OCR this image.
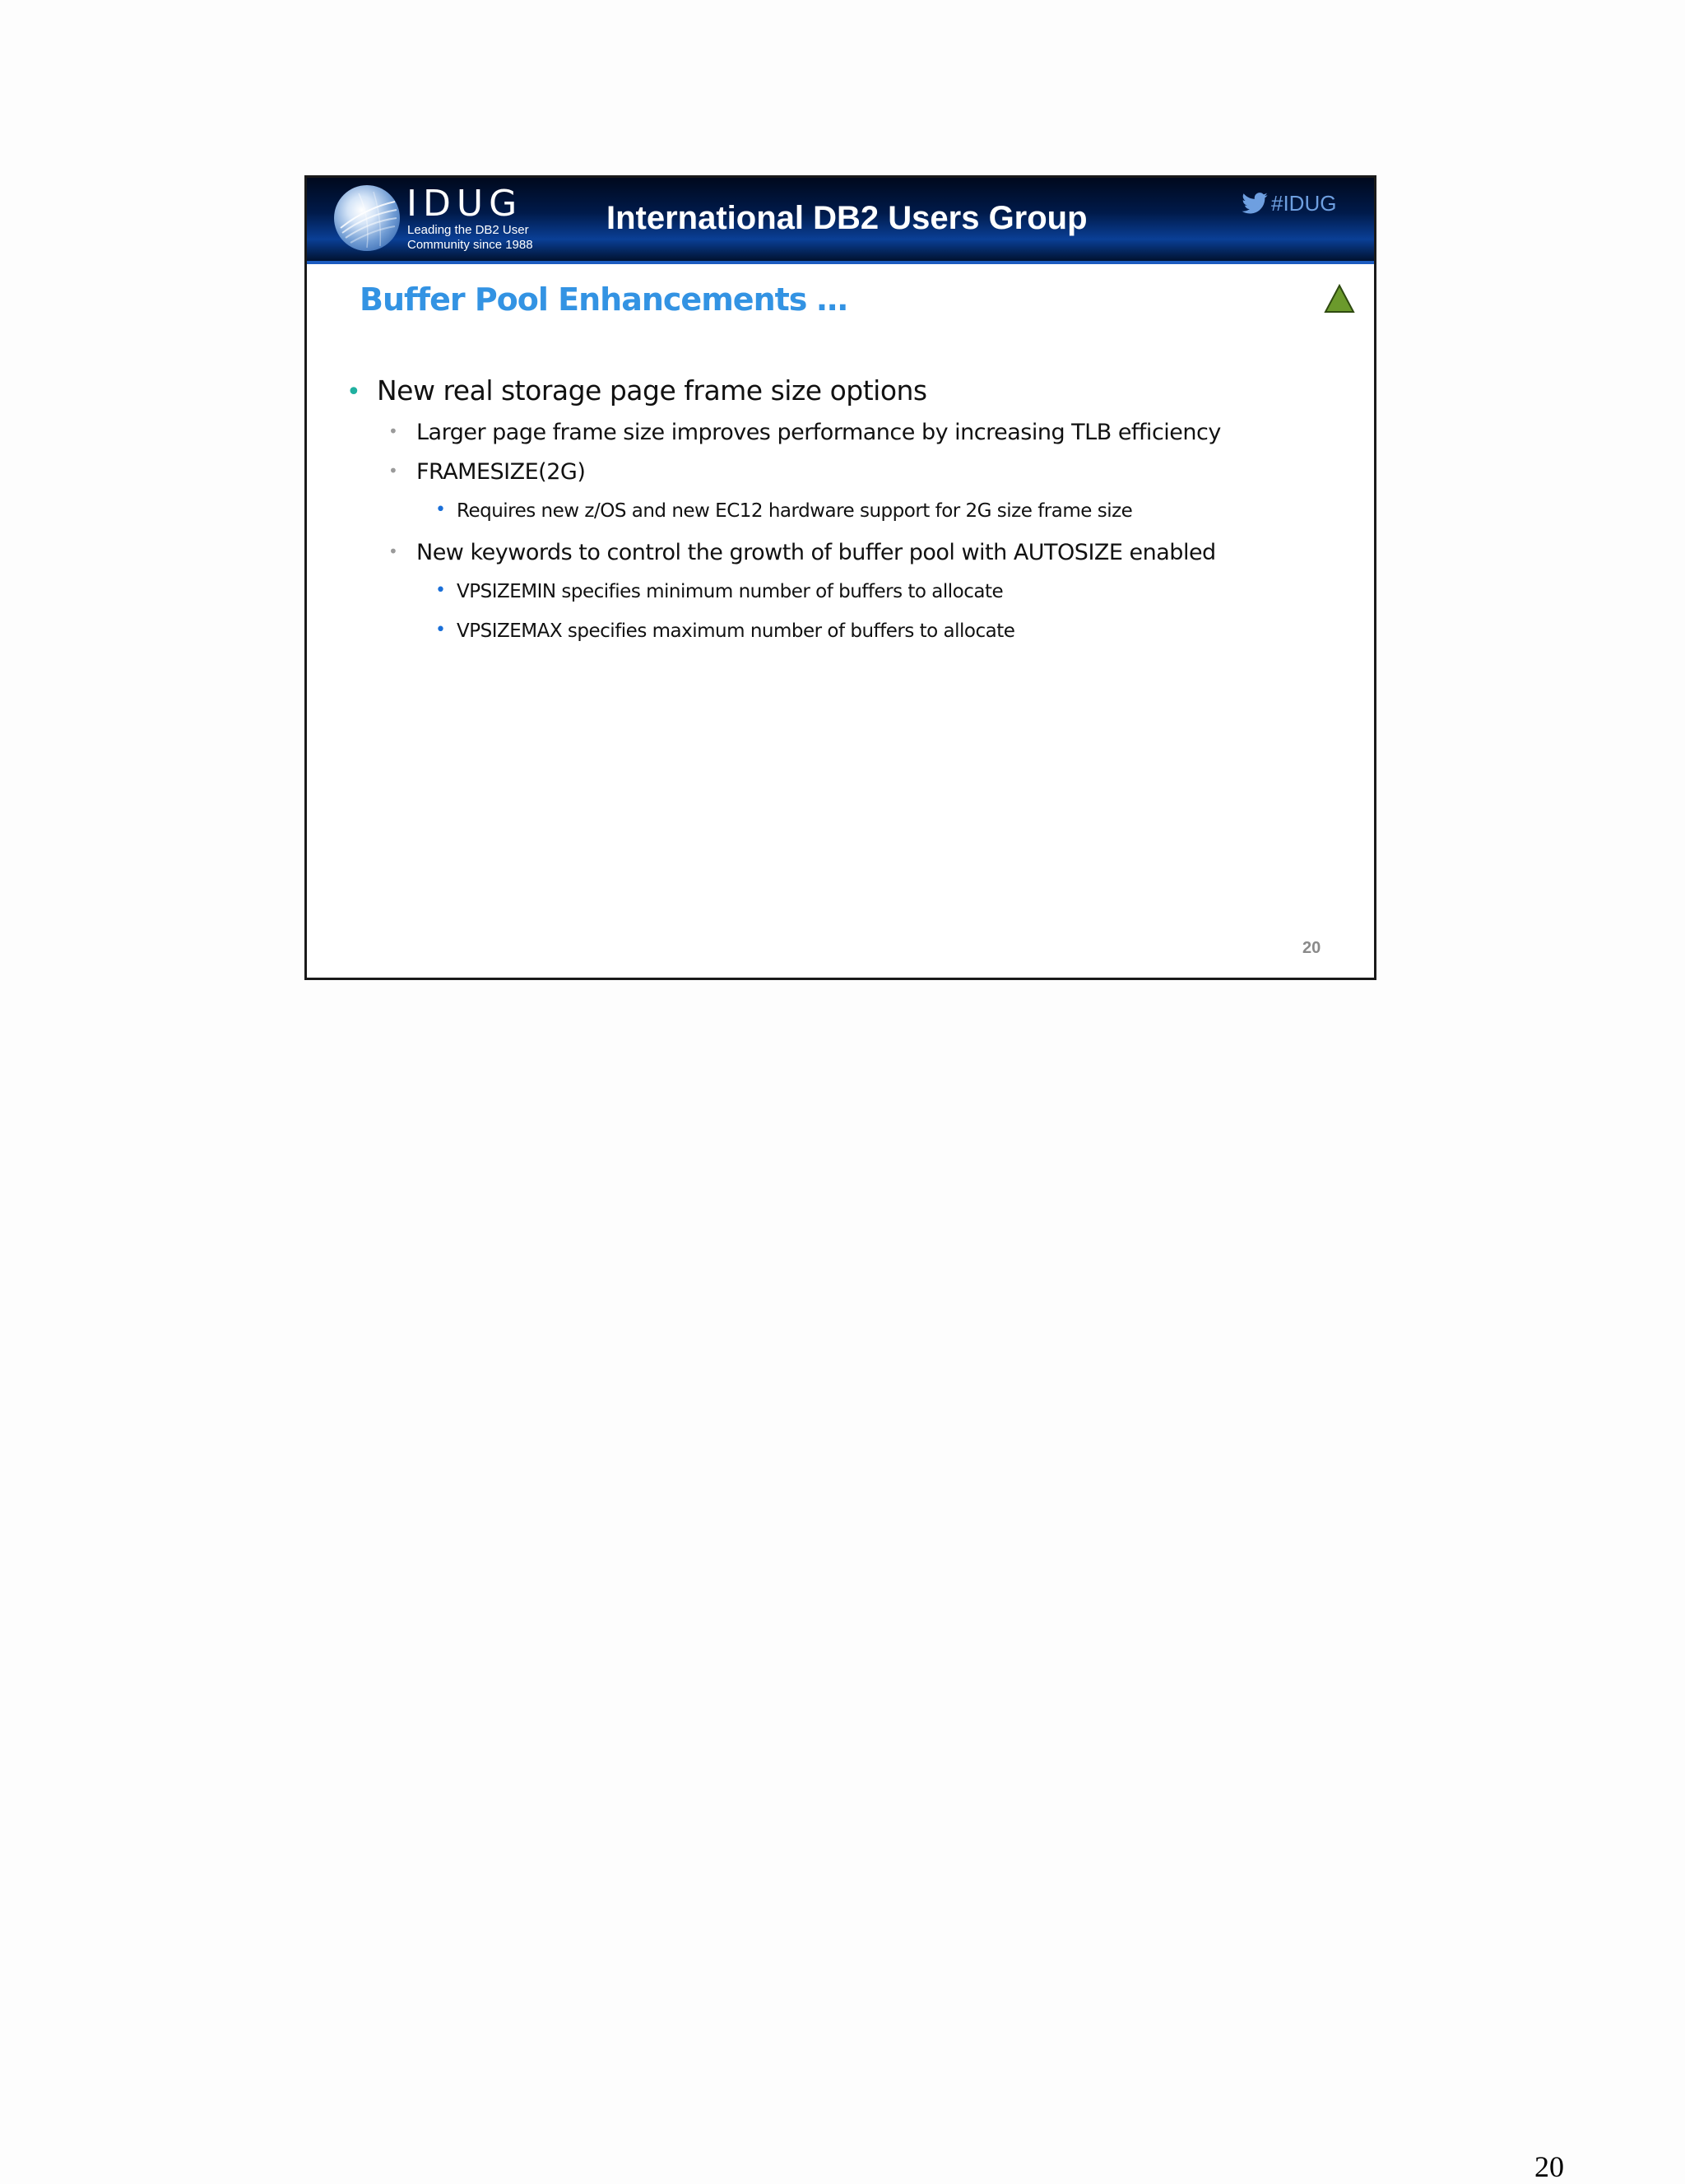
IDUG
Leading the DB2 User
Community since 1988
International DB2 Users Group	#IDUG
Buffer Pool Enhancements …
• New real storage page frame size options
• Larger page frame size improves performance by increasing TLB efficiency
• FRAMESIZE(2G)
• Requires new z/OS and new EC12 hardware support for 2G size frame size
• New keywords to control the growth of buffer pool with AUTOSIZE enabled
• VPSIZEMIN specifies minimum number of buffers to allocate
• VPSIZEMAX specifies maximum number of buffers to allocate
20
20
